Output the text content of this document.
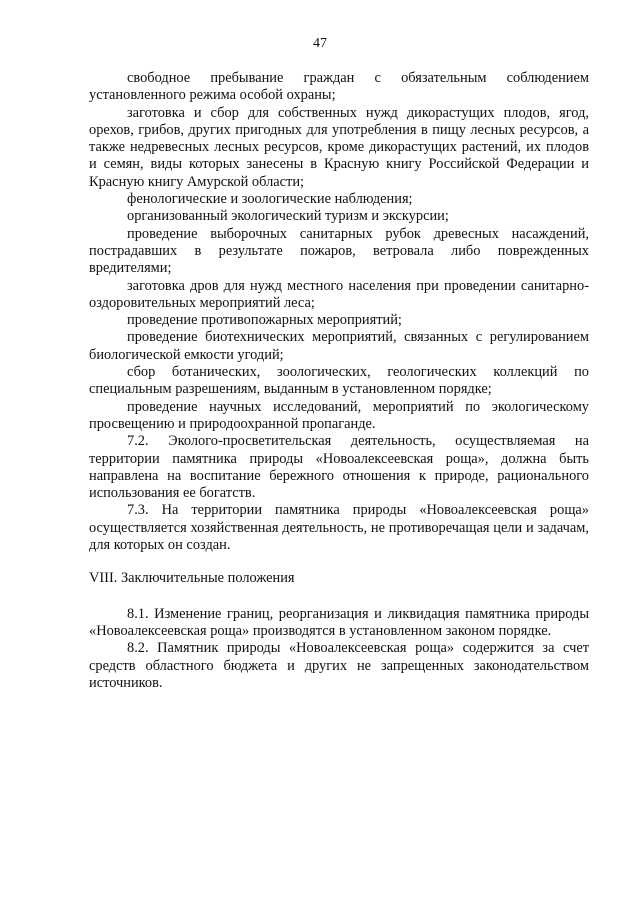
47

свободное пребывание граждан с обязательным соблюдением установленного режима особой охраны;

заготовка и сбор для собственных нужд дикорастущих плодов, ягод, орехов, грибов, других пригодных для употребления в пищу лесных ресурсов, а также недревесных лесных ресурсов, кроме дикорастущих растений, их плодов и семян, виды которых занесены в Красную книгу Российской Федерации и Красную книгу Амурской области;

фенологические и зоологические наблюдения;

организованный экологический туризм и экскурсии;

проведение выборочных санитарных рубок древесных насаждений, пострадавших в результате пожаров, ветровала либо поврежденных вредителями;

заготовка дров для нужд местного населения при проведении санитарно-оздоровительных мероприятий леса;

проведение противопожарных мероприятий;

проведение биотехнических мероприятий, связанных с регулированием биологической емкости угодий;

сбор ботанических, зоологических, геологических коллекций по специальным разрешениям, выданным в установленном порядке;

проведение научных исследований, мероприятий по экологическому просвещению и природоохранной пропаганде.

7.2. Эколого-просветительская деятельность, осуществляемая на территории памятника природы «Новоалексеевская роща», должна быть направлена на воспитание бережного отношения к природе, рационального использования ее богатств.

7.3. На территории памятника природы «Новоалексеевская роща» осуществляется хозяйственная деятельность, не противоречащая цели и задачам, для которых он создан.

VIII. Заключительные положения

8.1. Изменение границ, реорганизация и ликвидация памятника природы «Новоалексеевская роща» производятся в установленном законом порядке.

8.2. Памятник природы «Новоалексеевская роща» содержится за счет средств областного бюджета и других не запрещенных законодательством источников.
